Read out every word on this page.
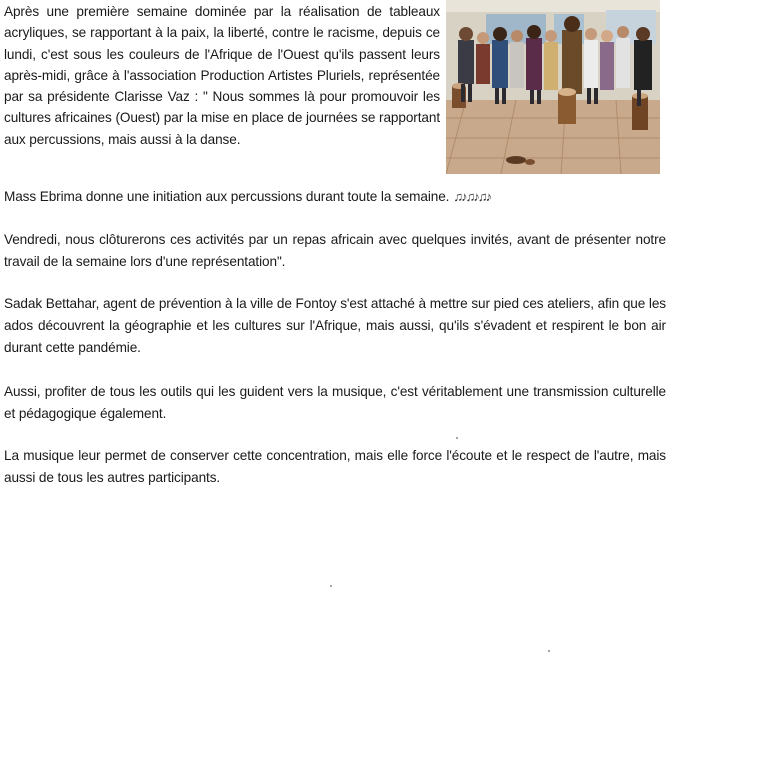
Après une première semaine dominée par la réalisation de tableaux acryliques, se rapportant à la paix, la liberté, contre le racisme, depuis ce lundi, c'est sous les couleurs de l'Afrique de l'Ouest qu'ils passent leurs après-midi, grâce à l'association Production Artistes Pluriels, représentée par sa présidente Clarisse Vaz : " Nous sommes là pour promouvoir les cultures africaines (Ouest) par la mise en place de journées se rapportant aux percussions, mais aussi à la danse.

Mass Ebrima donne une initiation aux percussions durant toute la semaine. ♫♪♫♪♫♪

Vendredi, nous clôturerons ces activités par un repas africain avec quelques invités, avant de présenter notre travail de la semaine lors d'une représentation".

Sadak Bettahar, agent de prévention à la ville de Fontoy s'est attaché à mettre sur pied ces ateliers, afin que les ados découvrent la géographie et les cultures sur l'Afrique, mais aussi, qu'ils s'évadent et respirent le bon air durant cette pandémie.

Aussi, profiter de tous les outils qui les guident vers la musique, c'est véritablement une transmission culturelle et pédagogique également.

La musique leur permet de conserver cette concentration, mais elle force l'écoute et le respect de l'autre, mais aussi de tous les autres participants.
